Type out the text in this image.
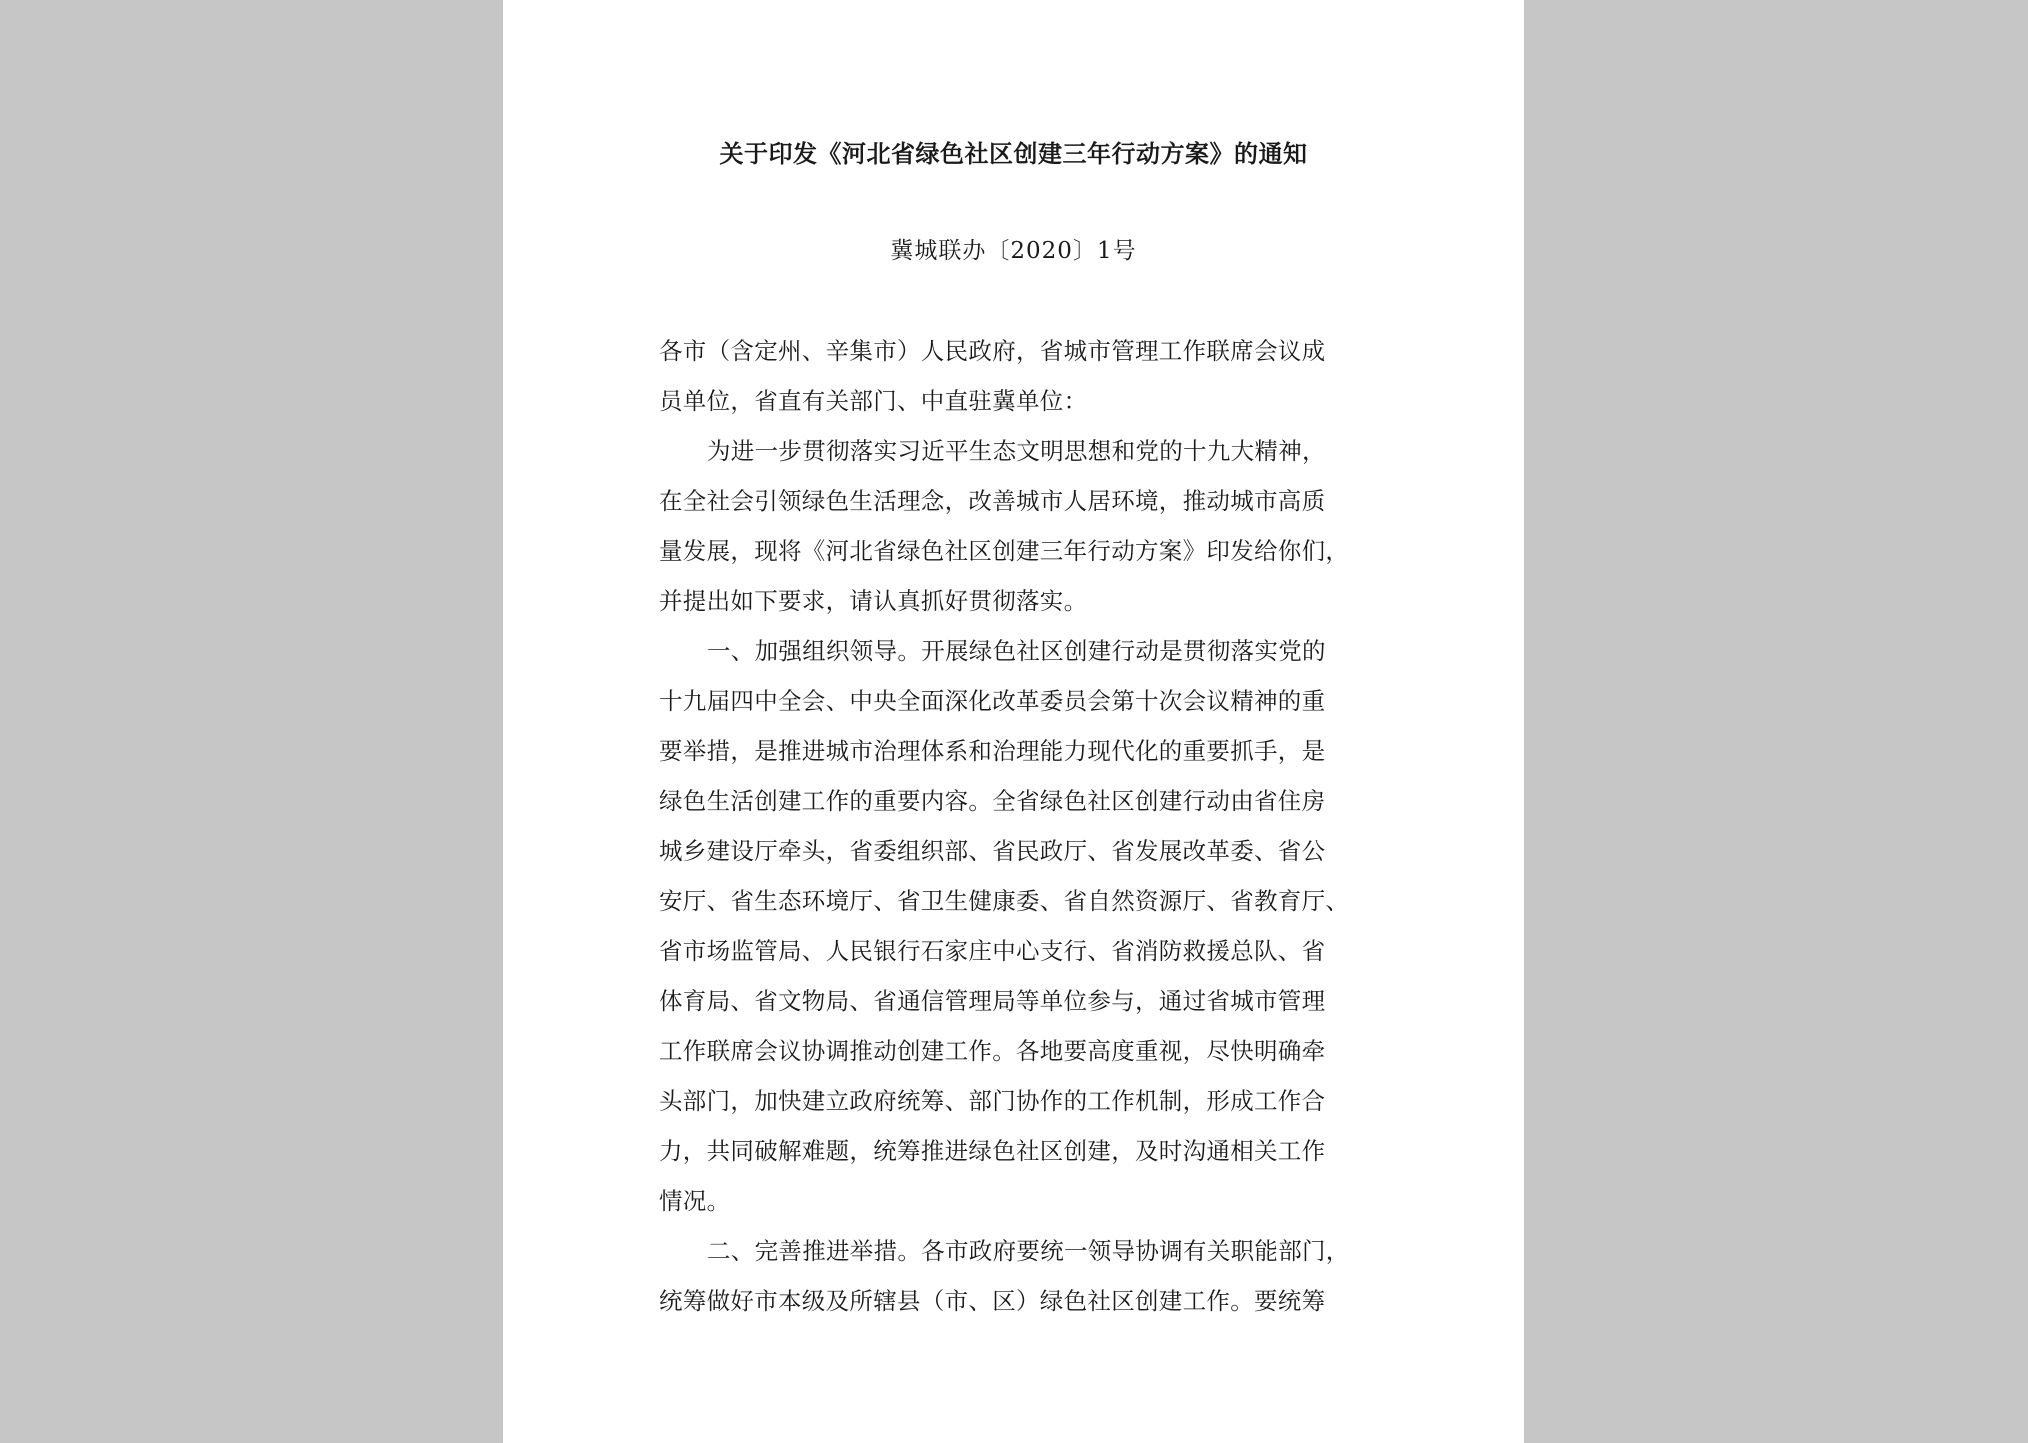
关于印发《河北省绿色社区创建三年行动方案》的通知
冀城联办〔2020〕1号
各市（含定州、辛集市）人民政府，省城市管理工作联席会议成
员单位，省直有关部门、中直驻冀单位：
为进一步贯彻落实习近平生态文明思想和党的十九大精神，
在全社会引领绿色生活理念，改善城市人居环境，推动城市高质
量发展，现将《河北省绿色社区创建三年行动方案》印发给你们，
并提出如下要求，请认真抓好贯彻落实。
一、加强组织领导。开展绿色社区创建行动是贯彻落实党的
十九届四中全会、中央全面深化改革委员会第十次会议精神的重
要举措，是推进城市治理体系和治理能力现代化的重要抓手，是
绿色生活创建工作的重要内容。全省绿色社区创建行动由省住房
城乡建设厅牵头，省委组织部、省民政厅、省发展改革委、省公
安厅、省生态环境厅、省卫生健康委、省自然资源厅、省教育厅、
省市场监管局、人民银行石家庄中心支行、省消防救援总队、省
体育局、省文物局、省通信管理局等单位参与，通过省城市管理
工作联席会议协调推动创建工作。各地要高度重视，尽快明确牵
头部门，加快建立政府统筹、部门协作的工作机制，形成工作合
力，共同破解难题，统筹推进绿色社区创建，及时沟通相关工作
情况。
二、完善推进举措。各市政府要统一领导协调有关职能部门，
统筹做好市本级及所辖县（市、区）绿色社区创建工作。要统筹
